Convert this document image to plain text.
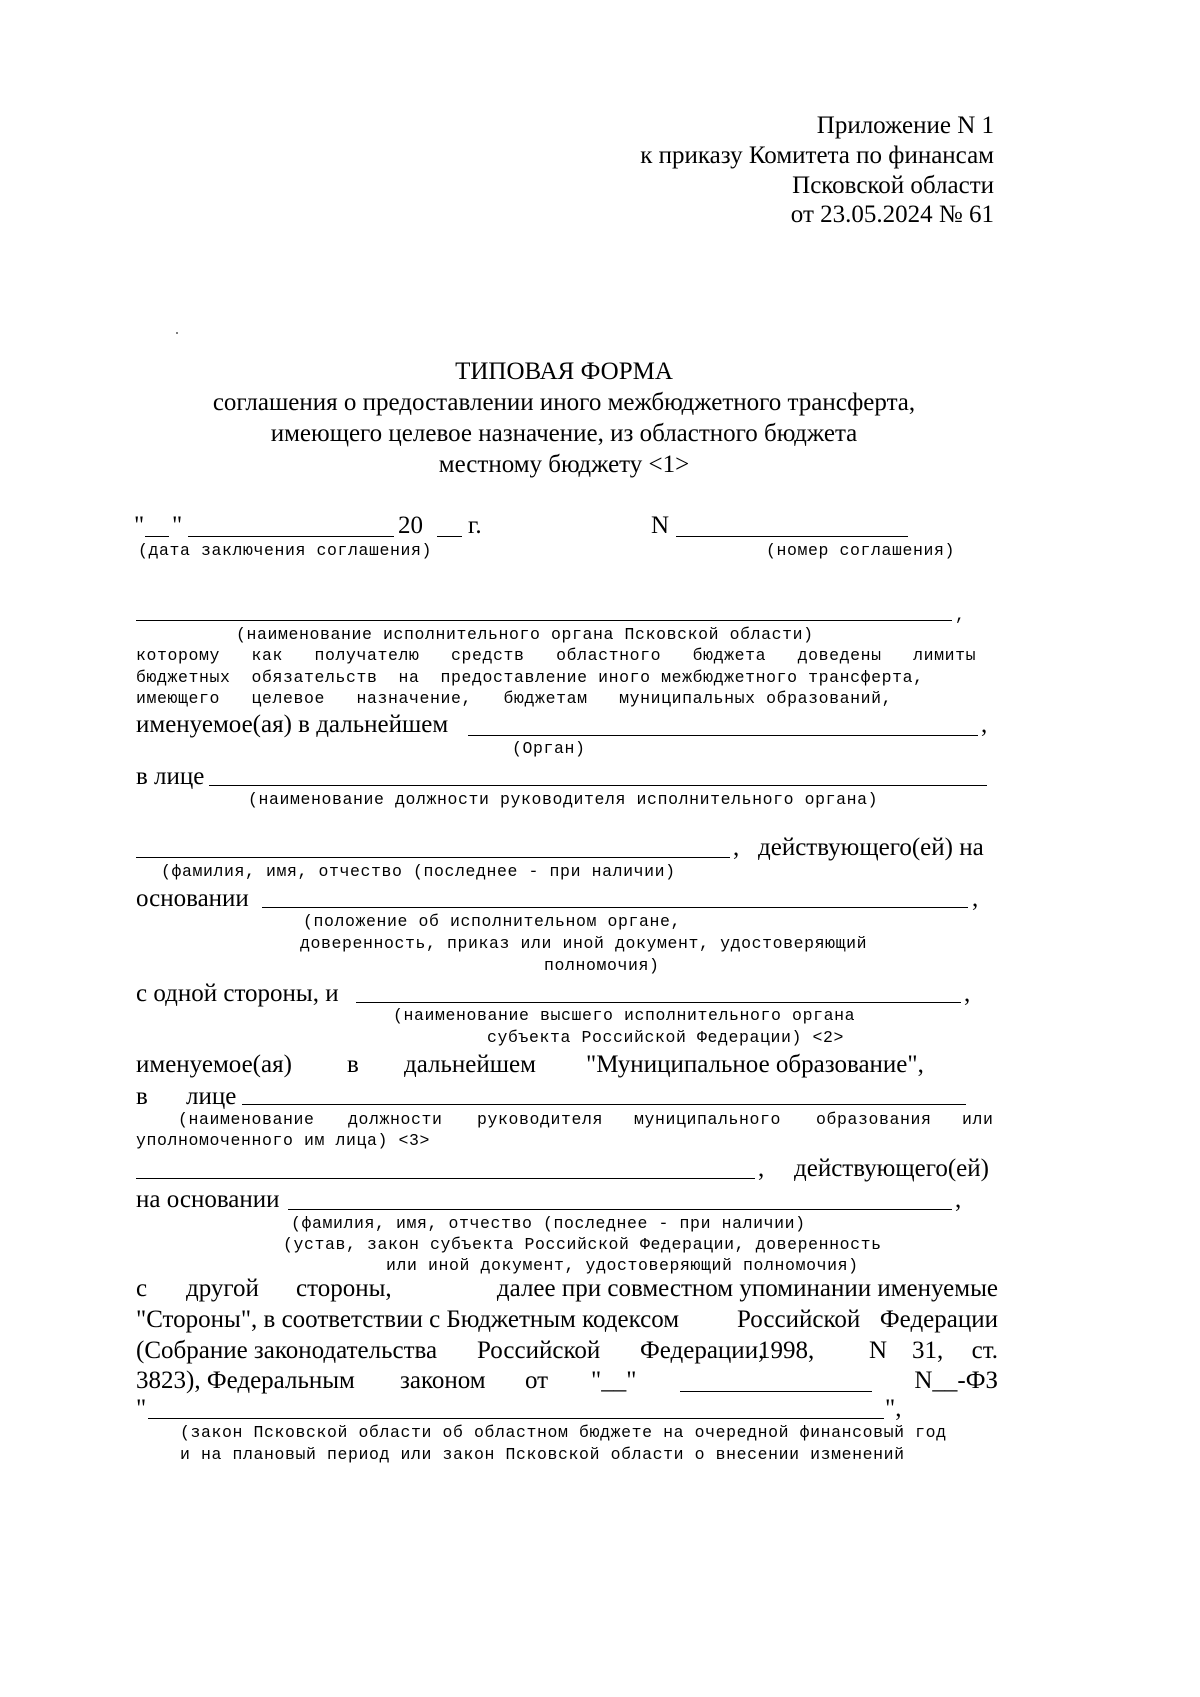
Приложение N 1
к приказу Комитета по финансам
Псковской области
от 23.05.2024 № 61
ТИПОВАЯ ФОРМА
соглашения о предоставлении иного межбюджетного трансферта,
имеющего целевое назначение, из областного бюджета
местному бюджету <1>
" "	20 г.	N
(дата заключения соглашения)	(номер соглашения)
,
(наименование исполнительного органа Псковской области)
которому   как   получателю   средств   областного   бюджета   доведены   лимиты
бюджетных  обязательств  на  предоставление иного межбюджетного трансферта,
имеющего   целевое   назначение,   бюджетам   муниципальных образований,
именуемое(ая) в дальнейшем	,
(Орган)
в лице
(наименование должности руководителя исполнительного органа)
, действующего(ей) на
(фамилия, имя, отчество (последнее - при наличии)
основании	,
(положение об исполнительном органе,
доверенность, приказ или иной документ, удостоверяющий
полномочия)
с одной стороны, и	,
(наименование высшего исполнительного органа
субъекта Российской Федерации) <2>
именуемое(ая) в дальнейшем "Муниципальное образование",
в лице
(наименование должности руководителя муниципального образования или
уполномоченного им лица) <3>
, действующего(ей)
на основании	,
(фамилия, имя, отчество (последнее - при наличии)
(устав, закон субъекта Российской Федерации, доверенность
или иной документ, удостоверяющий полномочия)
с другой стороны,	далее при совместном упоминании именуемые
"Стороны", в соответствии с Бюджетным кодексом Российской Федерации
(Собрание законодательства Российской Федерации,
1998, N 31, ст.
3823), Федеральным законом от "__"	N__-ФЗ
"	",
(закон Псковской области об областном бюджете на очередной финансовый год
и на плановый период или закон Псковской области о внесении изменений
